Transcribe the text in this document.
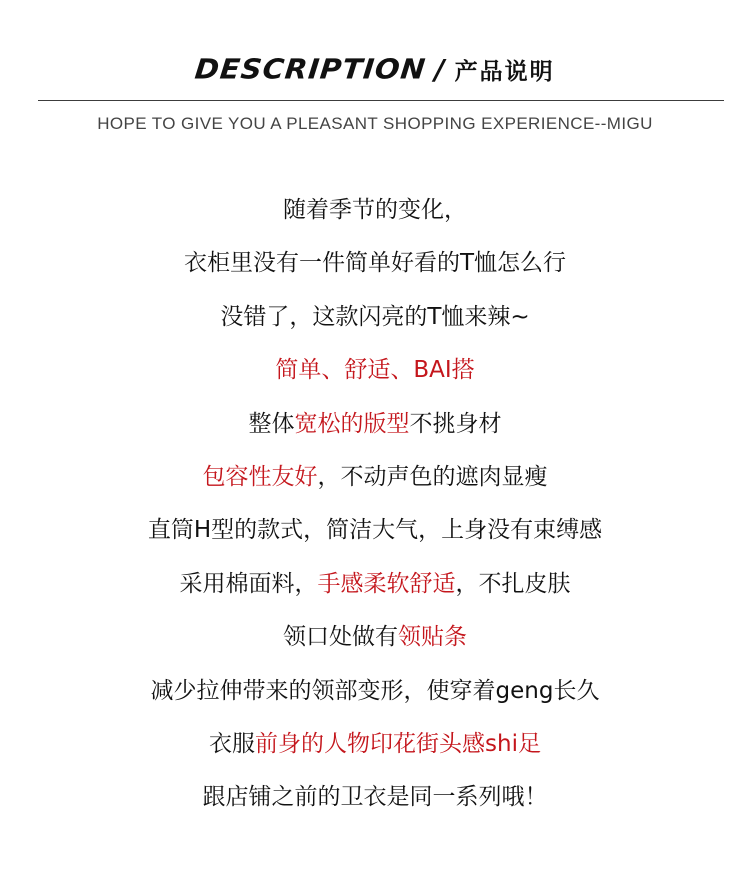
DESCRIPTION / 产品说明
HOPE TO GIVE YOU A PLEASANT SHOPPING EXPERIENCE--MIGU
随着季节的变化，
衣柜里没有一件简单好看的T恤怎么行
没错了，这款闪亮的T恤来辣~
简单、舒适、BAI搭
整体宽松的版型不挑身材
包容性友好，不动声色的遮肉显瘦
直筒H型的款式，简洁大气，上身没有束缚感
采用棉面料，手感柔软舒适，不扎皮肤
领口处做有领贴条
减少拉伸带来的领部变形，使穿着geng长久
衣服前身的人物印花街头感shi足
跟店铺之前的卫衣是同一系列哦！
